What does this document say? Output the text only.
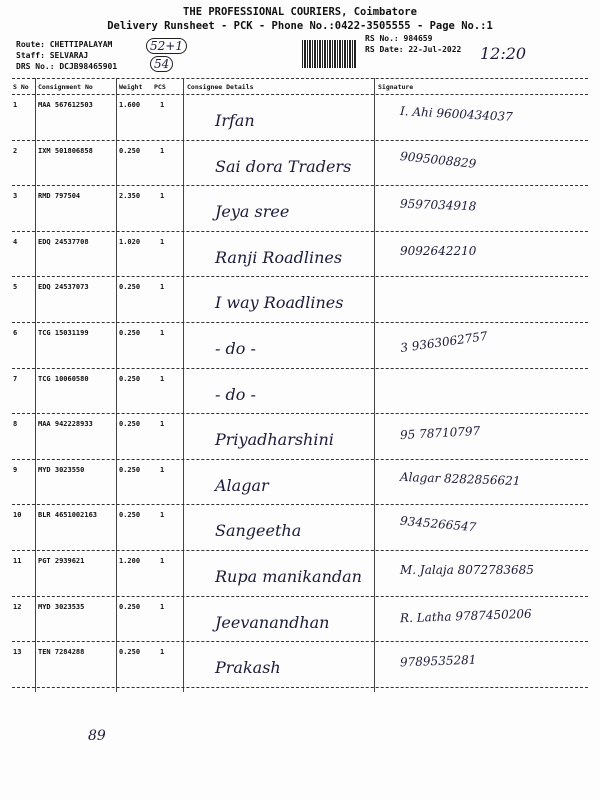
THE PROFESSIONAL COURIERS, Coimbatore
Delivery Runsheet - PCK - Phone No.:0422-3505555 - Page No.:1
Route: CHETTIPALAYAM
Staff: SELVARAJ
DRS No.: DCJB98465901
RS No.: 984659
RS Date: 22-Jul-2022
52+1
54
12:20
S No Consignment No	Weight PCS	Consignee Details	Signature
1	MAA 567612503	1.600	1
Irfan	I. Ahi 9600434037
2	IXM 501806858	0.250	1
Sai dora Traders	9095008829
3	RMD 797504	2.350	1
Jeya sree	9597034918
4	EDQ 24537708	1.020	1
Ranji Roadlines	9092642210
5	EDQ 24537073	0.250	1
I way Roadlines
6	TCG 15031199	0.250	1
- do -	3 9363062757
7	TCG 10060580	0.250	1
- do -
8	MAA 942228933	0.250	1
Priyadharshini	95 78710797
9	MYD 3023550	0.250	1
Alagar	Alagar 8282856621
10 BLR 4651002163	0.250	1
Sangeetha	9345266547
11 PGT 2939621	1.200	1
Rupa manikandan	M. Jalaja 8072783685
12 MYD 3023535	0.250	1
Jeevanandhan	R. Latha 9787450206
13 TEN 7284288	0.250	1
Prakash	9789535281
89
